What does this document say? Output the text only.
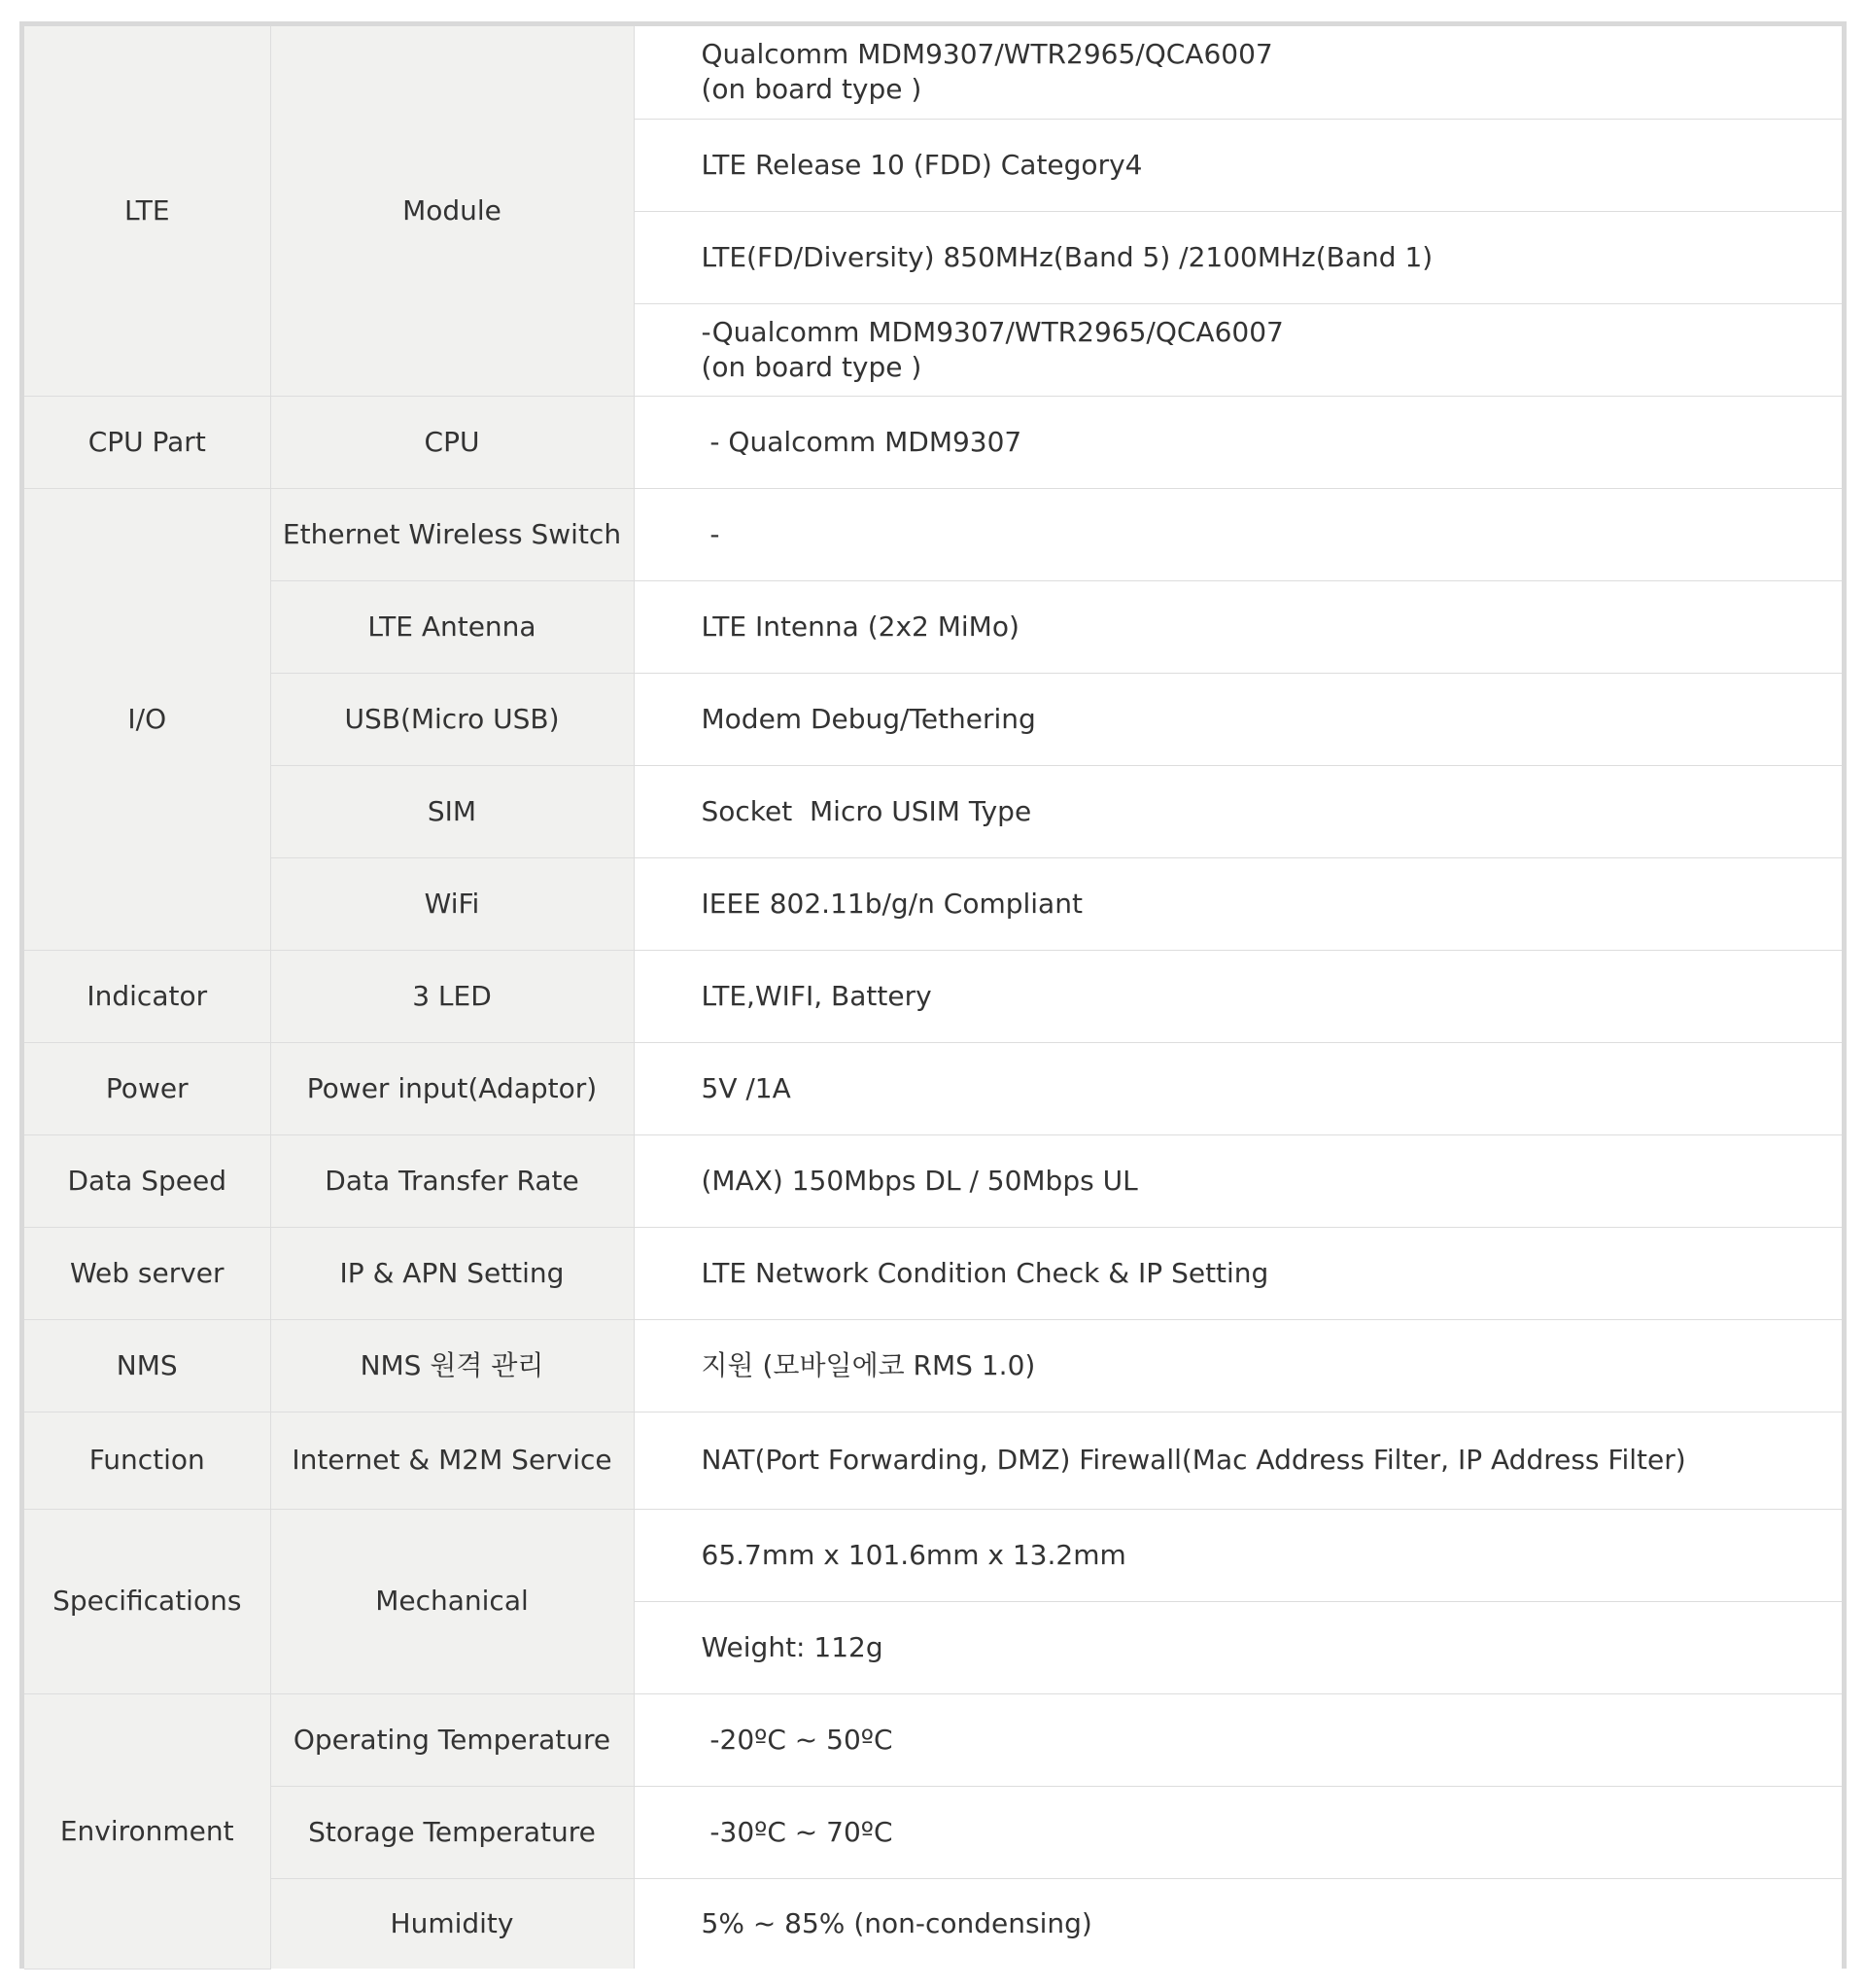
LTE	Module	Qualcomm MDM9307/WTR2965/QCA6007
(on board type )
		LTE Release 10 (FDD) Category4
		LTE(FD/Diversity) 850MHz(Band 5) /2100MHz(Band 1)
		-Qualcomm MDM9307/WTR2965/QCA6007
(on board type )
CPU Part	CPU	- Qualcomm MDM9307
I/O	Ethernet Wireless Switch	-
	LTE Antenna	LTE Intenna (2x2 MiMo)
	USB(Micro USB)	Modem Debug/Tethering
	SIM	Socket  Micro USIM Type
	WiFi	IEEE 802.11b/g/n Compliant
Indicator	3 LED	LTE,WIFI, Battery
Power	Power input(Adaptor)	5V /1A
Data Speed	Data Transfer Rate	(MAX) 150Mbps DL / 50Mbps UL
Web server	IP & APN Setting	LTE Network Condition Check & IP Setting
NMS	NMS 원격 관리	지원 (모바일에코 RMS 1.0)
Function	Internet & M2M Service	NAT(Port Forwarding, DMZ) Firewall(Mac Address Filter, IP Address Filter)
Specifications	Mechanical	65.7mm x 101.6mm x 13.2mm
		Weight: 112g
Environment	Operating Temperature	-20ºC ~ 50ºC
	Storage Temperature	-30ºC ~ 70ºC
	Humidity	5% ~ 85% (non-condensing)
